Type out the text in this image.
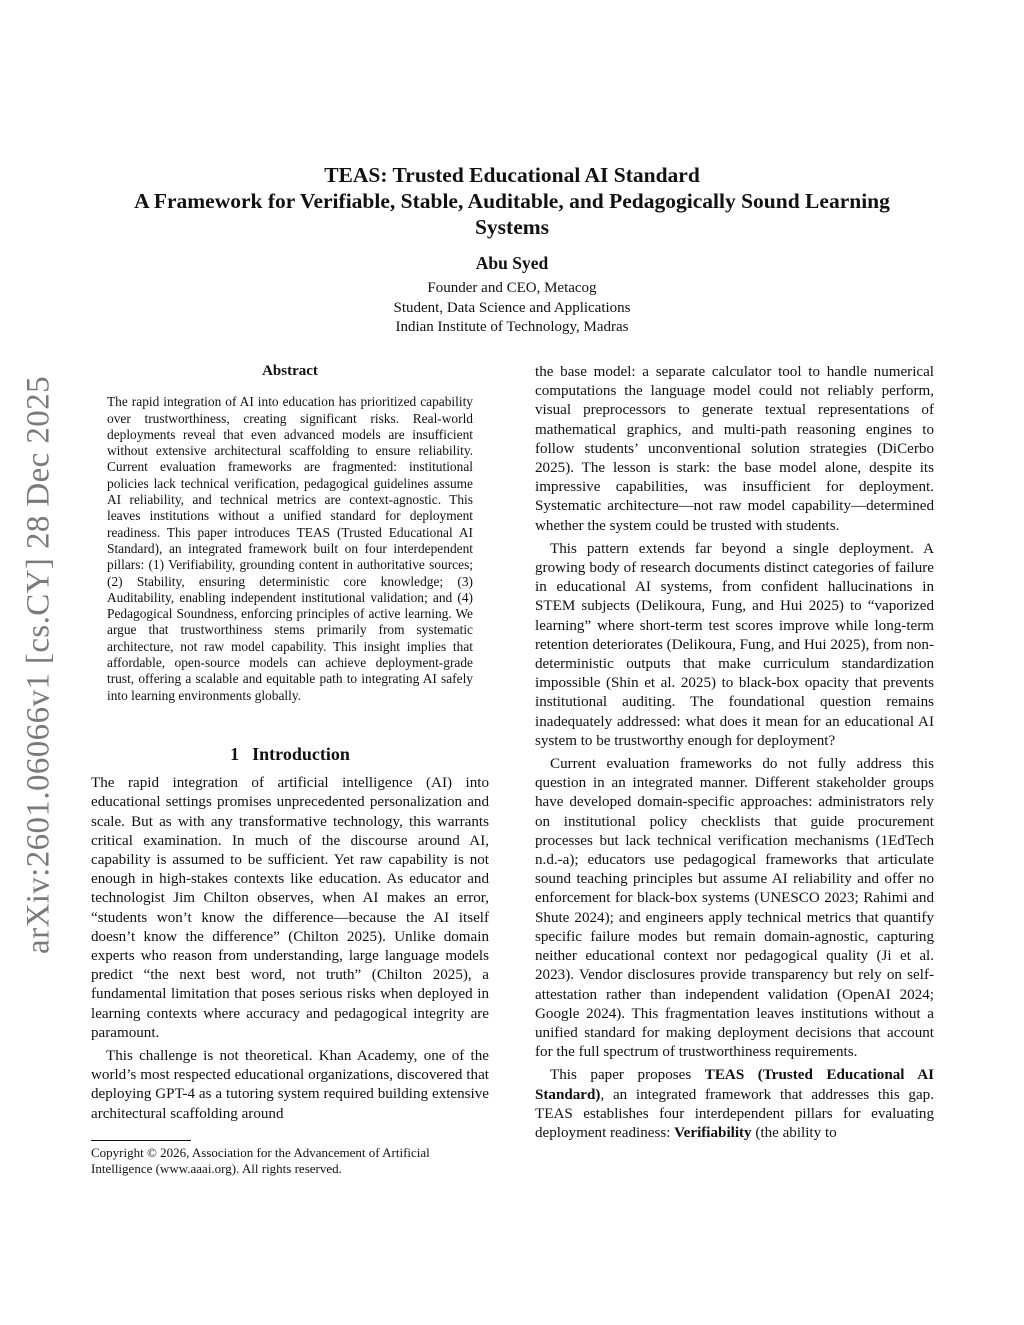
arXiv:2601.06066v1 [cs.CY] 28 Dec 2025
TEAS: Trusted Educational AI Standard
A Framework for Verifiable, Stable, Auditable, and Pedagogically Sound Learning
Systems
Abu Syed
Founder and CEO, Metacog
Student, Data Science and Applications
Indian Institute of Technology, Madras
Abstract

The rapid integration of AI into education has prioritized capability over trustworthiness, creating significant risks. Real-world deployments reveal that even advanced models are insufficient without extensive architectural scaffolding to ensure reliability. Current evaluation frameworks are fragmented: institutional policies lack technical verification, pedagogical guidelines assume AI reliability, and technical metrics are context-agnostic. This leaves institutions without a unified standard for deployment readiness. This paper introduces TEAS (Trusted Educational AI Standard), an integrated framework built on four interdependent pillars: (1) Verifiability, grounding content in authoritative sources; (2) Stability, ensuring deterministic core knowledge; (3) Auditability, enabling independent institutional validation; and (4) Pedagogical Soundness, enforcing principles of active learning. We argue that trustworthiness stems primarily from systematic architecture, not raw model capability. This insight implies that affordable, open-source models can achieve deployment-grade trust, offering a scalable and equitable path to integrating AI safely into learning environments globally.

1 Introduction

The rapid integration of artificial intelligence (AI) into educational settings promises unprecedented personalization and scale. But as with any transformative technology, this warrants critical examination. In much of the discourse around AI, capability is assumed to be sufficient. Yet raw capability is not enough in high-stakes contexts like education. As educator and technologist Jim Chilton observes, when AI makes an error, “students won’t know the difference—because the AI itself doesn’t know the difference” (Chilton 2025). Unlike domain experts who reason from understanding, large language models predict “the next best word, not truth” (Chilton 2025), a fundamental limitation that poses serious risks when deployed in learning contexts where accuracy and pedagogical integrity are paramount.

This challenge is not theoretical. Khan Academy, one of the world’s most respected educational organizations, discovered that deploying GPT-4 as a tutoring system required building extensive architectural scaffolding around

the base model: a separate calculator tool to handle numerical computations the language model could not reliably perform, visual preprocessors to generate textual representations of mathematical graphics, and multi-path reasoning engines to follow students’ unconventional solution strategies (DiCerbo 2025). The lesson is stark: the base model alone, despite its impressive capabilities, was insufficient for deployment. Systematic architecture—not raw model capability—determined whether the system could be trusted with students.

This pattern extends far beyond a single deployment. A growing body of research documents distinct categories of failure in educational AI systems, from confident hallucinations in STEM subjects (Delikoura, Fung, and Hui 2025) to “vaporized learning” where short-term test scores improve while long-term retention deteriorates (Delikoura, Fung, and Hui 2025), from non-deterministic outputs that make curriculum standardization impossible (Shin et al. 2025) to black-box opacity that prevents institutional auditing. The foundational question remains inadequately addressed: what does it mean for an educational AI system to be trustworthy enough for deployment?

Current evaluation frameworks do not fully address this question in an integrated manner. Different stakeholder groups have developed domain-specific approaches: administrators rely on institutional policy checklists that guide procurement processes but lack technical verification mechanisms (1EdTech n.d.-a); educators use pedagogical frameworks that articulate sound teaching principles but assume AI reliability and offer no enforcement for black-box systems (UNESCO 2023; Rahimi and Shute 2024); and engineers apply technical metrics that quantify specific failure modes but remain domain-agnostic, capturing neither educational context nor pedagogical quality (Ji et al. 2023). Vendor disclosures provide transparency but rely on self-attestation rather than independent validation (OpenAI 2024; Google 2024). This fragmentation leaves institutions without a unified standard for making deployment decisions that account for the full spectrum of trustworthiness requirements.

This paper proposes TEAS (Trusted Educational AI Standard), an integrated framework that addresses this gap. TEAS establishes four interdependent pillars for evaluating deployment readiness: Verifiability (the ability to

Copyright © 2026, Association for the Advancement of Artificial Intelligence (www.aaai.org). All rights reserved.
